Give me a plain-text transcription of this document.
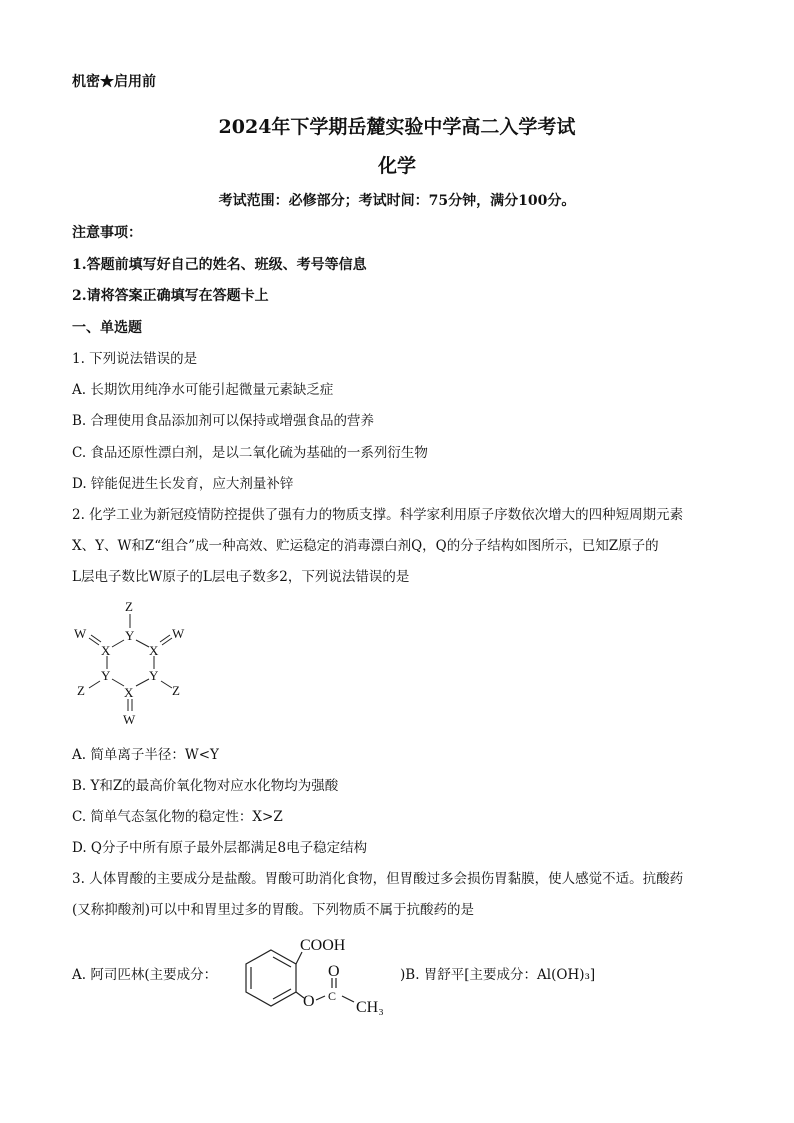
机密★启用前
2024年下学期岳麓实验中学高二入学考试
化学
考试范围：必修部分；考试时间：75分钟，满分100分。
注意事项：
1.答题前填写好自己的姓名、班级、考号等信息
2.请将答案正确填写在答题卡上
一、单选题
1. 下列说法错误的是
A. 长期饮用纯净水可能引起微量元素缺乏症
B. 合理使用食品添加剂可以保持或增强食品的营养
C. 食品还原性漂白剂，是以二氧化硫为基础的一系列衍生物
D. 锌能促进生长发育，应大剂量补锌
2. 化学工业为新冠疫情防控提供了强有力的物质支撑。科学家利用原子序数依次增大的四种短周期元素
X、Y、W和Z“组合”成一种高效、贮运稳定的消毒漂白剂Q，Q的分子结构如图所示，已知Z原子的
L层电子数比W原子的L层电子数多2，下列说法错误的是
Z
Y
W	W
X	X
Y	Y
Z	Z
X
W
A. 简单离子半径：W<Y
B. Y和Z的最高价氧化物对应水化物均为强酸
C. 简单气态氢化物的稳定性：X>Z
D. Q分子中所有原子最外层都满足8电子稳定结构
3. 人体胃酸的主要成分是盐酸。胃酸可助消化食物，但胃酸过多会损伤胃黏膜，使人感觉不适。抗酸药
(又称抑酸剂)可以中和胃里过多的胃酸。下列物质不属于抗酸药的是
A. 阿司匹林(主要成分：
COOH
O
O C
CH₃
)B. 胃舒平[主要成分：Al(OH)₃]
